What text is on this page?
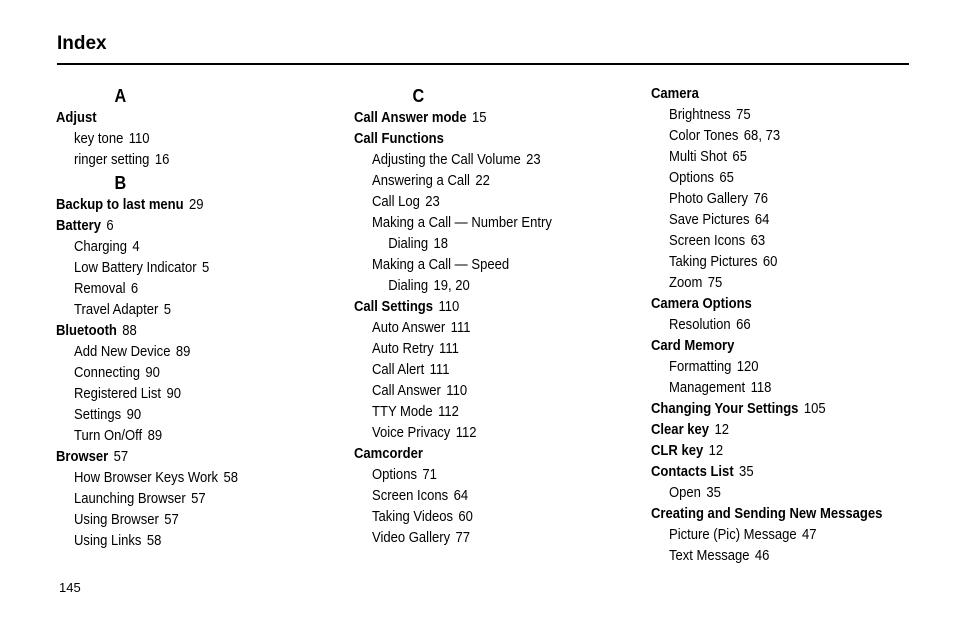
Index
A
Adjust
key tone 110
ringer setting 16
B
Backup to last menu 29
Battery 6
Charging 4
Low Battery Indicator 5
Removal 6
Travel Adapter 5
Bluetooth 88
Add New Device 89
Connecting 90
Registered List 90
Settings 90
Turn On/Off 89
Browser 57
How Browser Keys Work 58
Launching Browser 57
Using Browser 57
Using Links 58
C
Call Answer mode 15
Call Functions
Adjusting the Call Volume 23
Answering a Call 22
Call Log 23
Making a Call — Number Entry
Dialing 18
Making a Call — Speed
Dialing 19, 20
Call Settings 110
Auto Answer 111
Auto Retry 111
Call Alert 111
Call Answer 110
TTY Mode 112
Voice Privacy 112
Camcorder
Options 71
Screen Icons 64
Taking Videos 60
Video Gallery 77
Camera
Brightness 75
Color Tones 68, 73
Multi Shot 65
Options 65
Photo Gallery 76
Save Pictures 64
Screen Icons 63
Taking Pictures 60
Zoom 75
Camera Options
Resolution 66
Card Memory
Formatting 120
Management 118
Changing Your Settings 105
Clear key 12
CLR key 12
Contacts List 35
Open 35
Creating and Sending New Messages
Picture (Pic) Message 47
Text Message 46
145
